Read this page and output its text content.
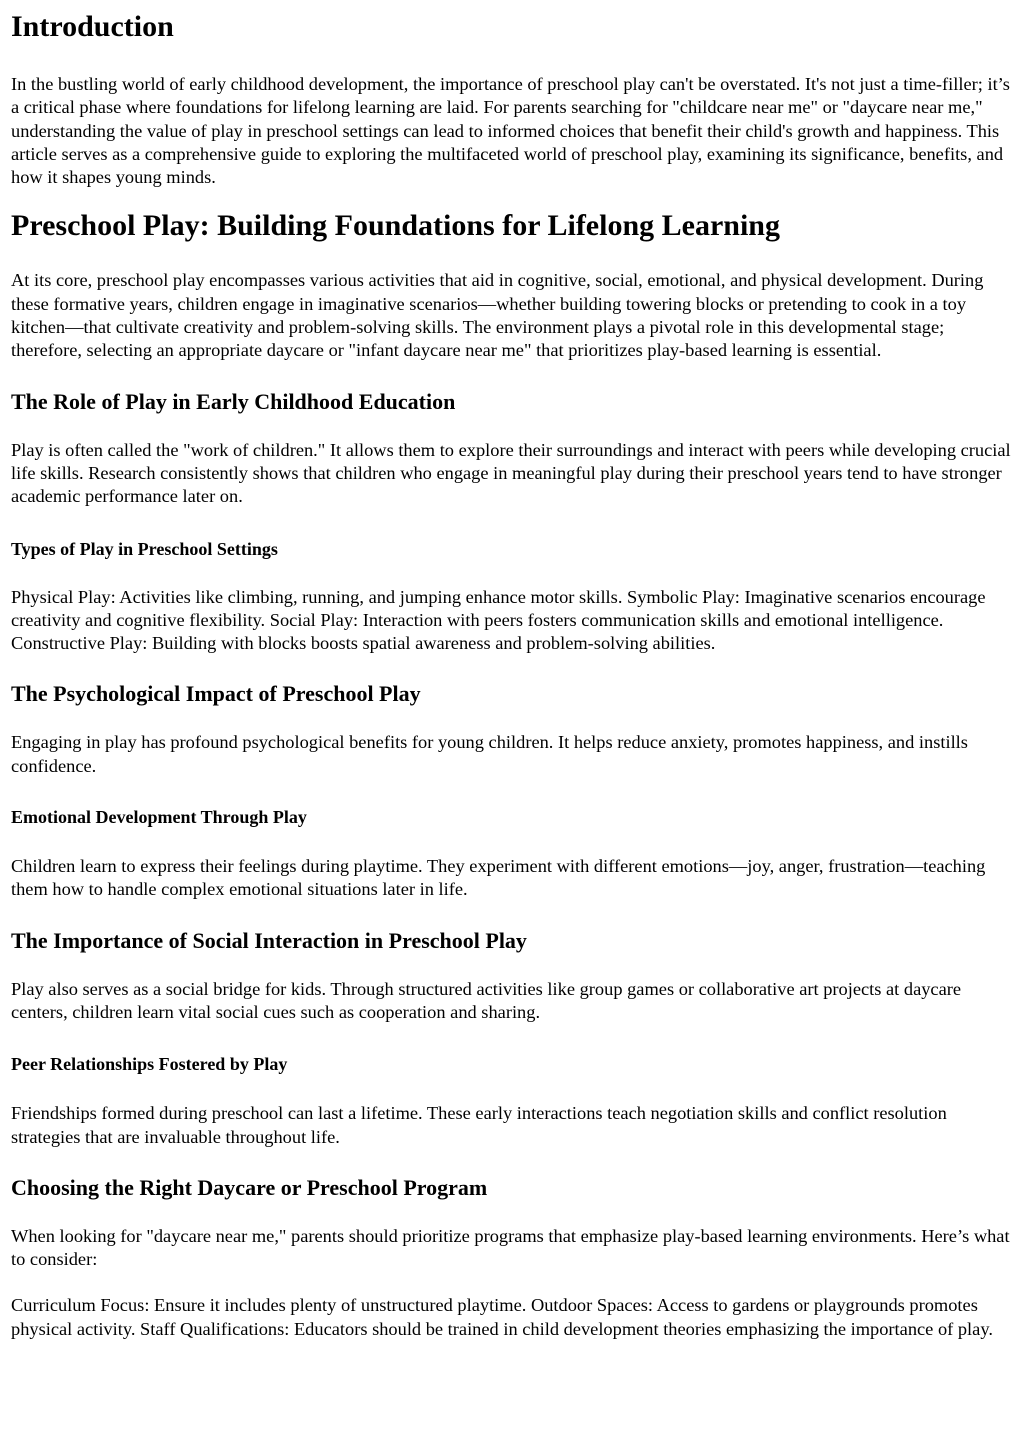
Introduction

In the bustling world of early childhood development, the importance of preschool play can't be overstated. It's not just a time-filler; it’s a critical phase where foundations for lifelong learning are laid. For parents searching for "childcare near me" or "daycare near me," understanding the value of play in preschool settings can lead to informed choices that benefit their child's growth and happiness. This article serves as a comprehensive guide to exploring the multifaceted world of preschool play, examining its significance, benefits, and how it shapes young minds.

Preschool Play: Building Foundations for Lifelong Learning

At its core, preschool play encompasses various activities that aid in cognitive, social, emotional, and physical development. During these formative years, children engage in imaginative scenarios—whether building towering blocks or pretending to cook in a toy kitchen—that cultivate creativity and problem-solving skills. The environment plays a pivotal role in this developmental stage; therefore, selecting an appropriate daycare or "infant daycare near me" that prioritizes play-based learning is essential.

The Role of Play in Early Childhood Education

Play is often called the "work of children." It allows them to explore their surroundings and interact with peers while developing crucial life skills. Research consistently shows that children who engage in meaningful play during their preschool years tend to have stronger academic performance later on.

Types of Play in Preschool Settings

Physical Play: Activities like climbing, running, and jumping enhance motor skills. Symbolic Play: Imaginative scenarios encourage creativity and cognitive flexibility. Social Play: Interaction with peers fosters communication skills and emotional intelligence. Constructive Play: Building with blocks boosts spatial awareness and problem-solving abilities.

The Psychological Impact of Preschool Play

Engaging in play has profound psychological benefits for young children. It helps reduce anxiety, promotes happiness, and instills confidence.

Emotional Development Through Play

Children learn to express their feelings during playtime. They experiment with different emotions—joy, anger, frustration—teaching them how to handle complex emotional situations later in life.

The Importance of Social Interaction in Preschool Play

Play also serves as a social bridge for kids. Through structured activities like group games or collaborative art projects at daycare centers, children learn vital social cues such as cooperation and sharing.

Peer Relationships Fostered by Play

Friendships formed during preschool can last a lifetime. These early interactions teach negotiation skills and conflict resolution strategies that are invaluable throughout life.

Choosing the Right Daycare or Preschool Program

When looking for "daycare near me," parents should prioritize programs that emphasize play-based learning environments. Here’s what to consider:

Curriculum Focus: Ensure it includes plenty of unstructured playtime. Outdoor Spaces: Access to gardens or playgrounds promotes physical activity. Staff Qualifications: Educators should be trained in child development theories emphasizing the importance of play.
